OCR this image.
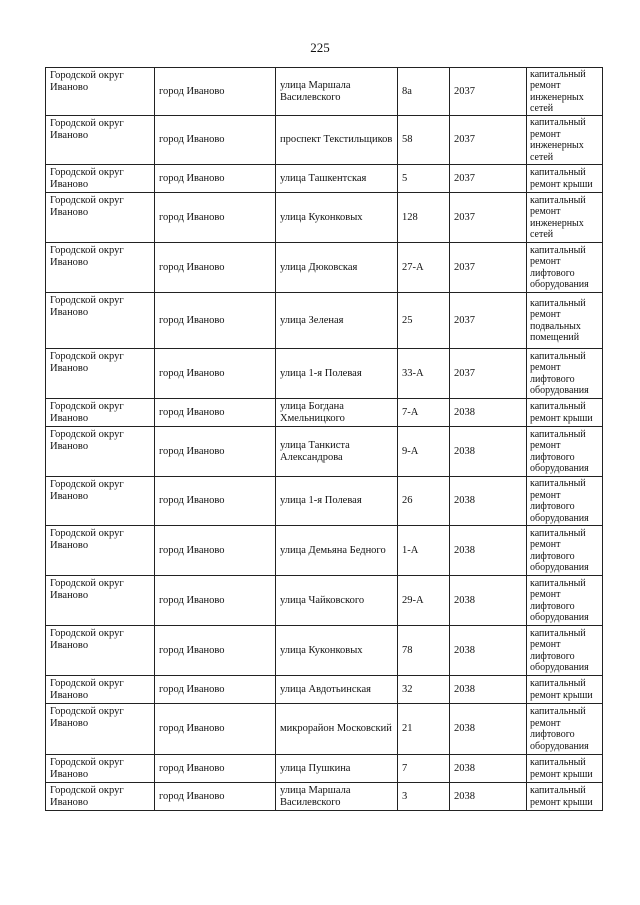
225
Городской округ Иваново	город Иваново	улица Маршала Василевского	8а	2037	капитальный ремонт инженерных сетей
Городской округ Иваново	город Иваново	проспект Текстильщиков	58	2037	капитальный ремонт инженерных сетей
Городской округ Иваново	город Иваново	улица Ташкентская	5	2037	капитальный ремонт крыши
Городской округ Иваново	город Иваново	улица Куконковых	128	2037	капитальный ремонт инженерных сетей
Городской округ Иваново	город Иваново	улица Дюковская	27-А	2037	капитальный ремонт лифтового оборудования
Городской округ Иваново	город Иваново	улица Зеленая	25	2037	капитальный ремонт подвальных помещений
Городской округ Иваново	город Иваново	улица 1-я Полевая	33-А	2037	капитальный ремонт лифтового оборудования
Городской округ Иваново	город Иваново	улица Богдана Хмельницкого	7-А	2038	капитальный ремонт крыши
Городской округ Иваново	город Иваново	улица Танкиста Александрова	9-А	2038	капитальный ремонт лифтового оборудования
Городской округ Иваново	город Иваново	улица 1-я Полевая	26	2038	капитальный ремонт лифтового оборудования
Городской округ Иваново	город Иваново	улица Демьяна Бедного	1-А	2038	капитальный ремонт лифтового оборудования
Городской округ Иваново	город Иваново	улица Чайковского	29-А	2038	капитальный ремонт лифтового оборудования
Городской округ Иваново	город Иваново	улица Куконковых	78	2038	капитальный ремонт лифтового оборудования
Городской округ Иваново	город Иваново	улица Авдотьинская	32	2038	капитальный ремонт крыши
Городской округ Иваново	город Иваново	микрорайон Московский	21	2038	капитальный ремонт лифтового оборудования
Городской округ Иваново	город Иваново	улица Пушкина	7	2038	капитальный ремонт крыши
Городской округ Иваново	город Иваново	улица Маршала Василевского	3	2038	капитальный ремонт крыши
